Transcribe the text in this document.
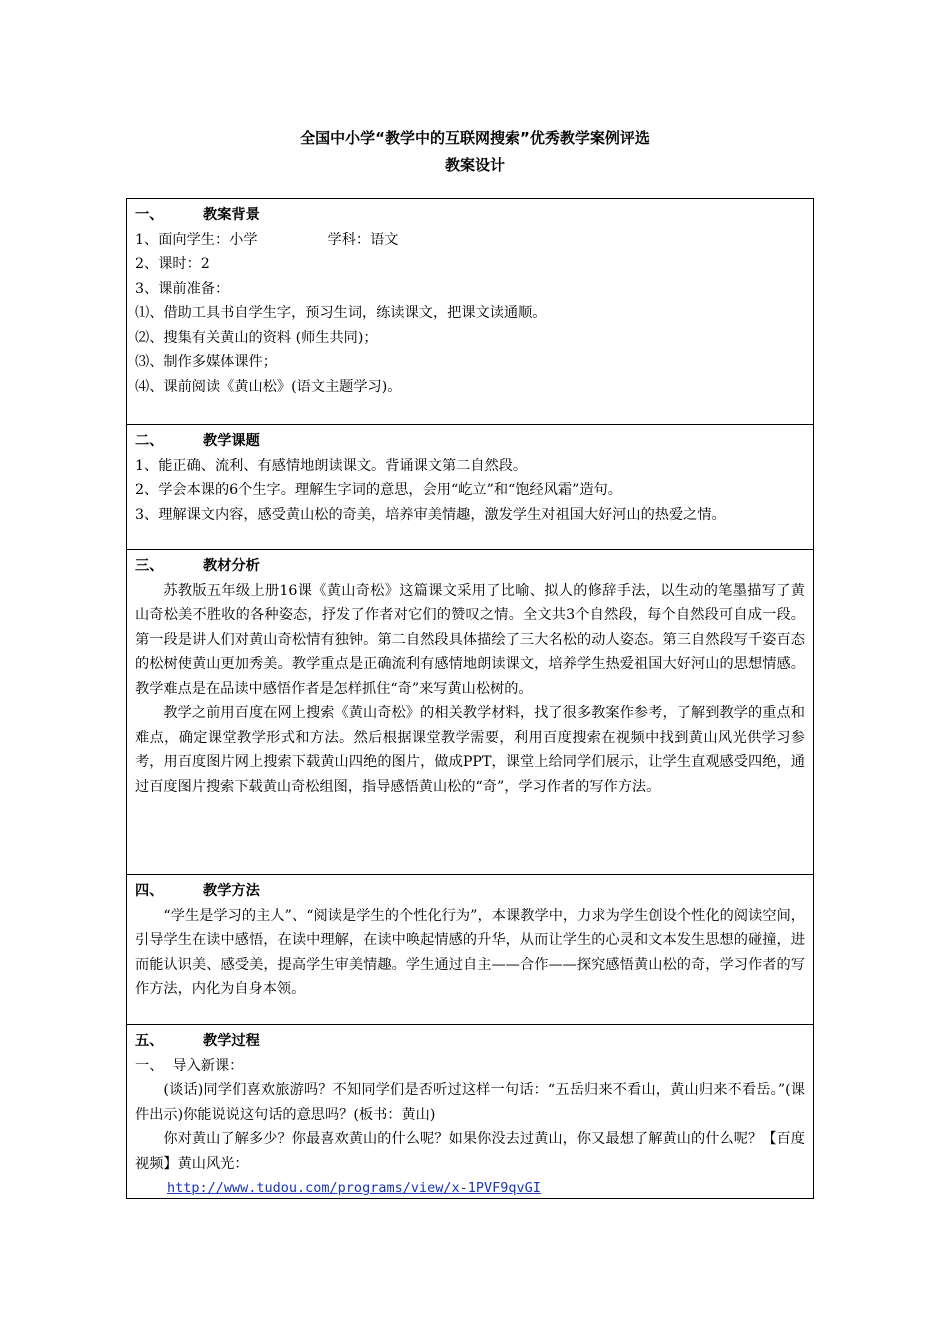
全国中小学“教学中的互联网搜索”优秀教学案例评选
教案设计
一、	教案背景
1、面向学生：小学	学科：语文
2、课时：2
3、课前准备：
⑴、借助工具书自学生字，预习生词，练读课文，把课文读通顺。
⑵、搜集有关黄山的资料 (师生共同)；
⑶、制作多媒体课件；
⑷、课前阅读《黄山松》(语文主题学习)。
二、	教学课题
1、能正确、流利、有感情地朗读课文。背诵课文第二自然段。
2、学会本课的6个生字。理解生字词的意思，会用“屹立”和“饱经风霜”造句。
3、理解课文内容，感受黄山松的奇美，培养审美情趣，激发学生对祖国大好河山的热爱之情。
三、	教材分析
苏教版五年级上册16课《黄山奇松》这篇课文采用了比喻、拟人的修辞手法，以生动的笔墨描写了黄山奇松美不胜收的各种姿态，抒发了作者对它们的赞叹之情。全文共3个自然段，每个自然段可自成一段。第一段是讲人们对黄山奇松情有独钟。第二自然段具体描绘了三大名松的动人姿态。第三自然段写千姿百态的松树使黄山更加秀美。教学重点是正确流利有感情地朗读课文，培养学生热爱祖国大好河山的思想情感。教学难点是在品读中感悟作者是怎样抓住“奇”来写黄山松树的。
教学之前用百度在网上搜索《黄山奇松》的相关教学材料，找了很多教案作参考，了解到教学的重点和难点，确定课堂教学形式和方法。然后根据课堂教学需要，利用百度搜索在视频中找到黄山风光供学习参考，用百度图片网上搜索下载黄山四绝的图片，做成PPT，课堂上给同学们展示，让学生直观感受四绝，通过百度图片搜索下载黄山奇松组图，指导感悟黄山松的“奇”，学习作者的写作方法。
四、	教学方法
“学生是学习的主人”、“阅读是学生的个性化行为”，本课教学中，力求为学生创设个性化的阅读空间，引导学生在读中感悟，在读中理解，在读中唤起情感的升华，从而让学生的心灵和文本发生思想的碰撞，进而能认识美、感受美，提高学生审美情趣。学生通过自主——合作——探究感悟黄山松的奇，学习作者的写作方法，内化为自身本领。
五、	教学过程
一、  导入新课：
(谈话)同学们喜欢旅游吗？不知同学们是否听过这样一句话：“五岳归来不看山，黄山归来不看岳。”(课件出示)你能说说这句话的意思吗？(板书：黄山)
你对黄山了解多少？你最喜欢黄山的什么呢？如果你没去过黄山，你又最想了解黄山的什么呢？【百度视频】黄山风光：
http://www.tudou.com/programs/view/x-1PVF9qvGI
